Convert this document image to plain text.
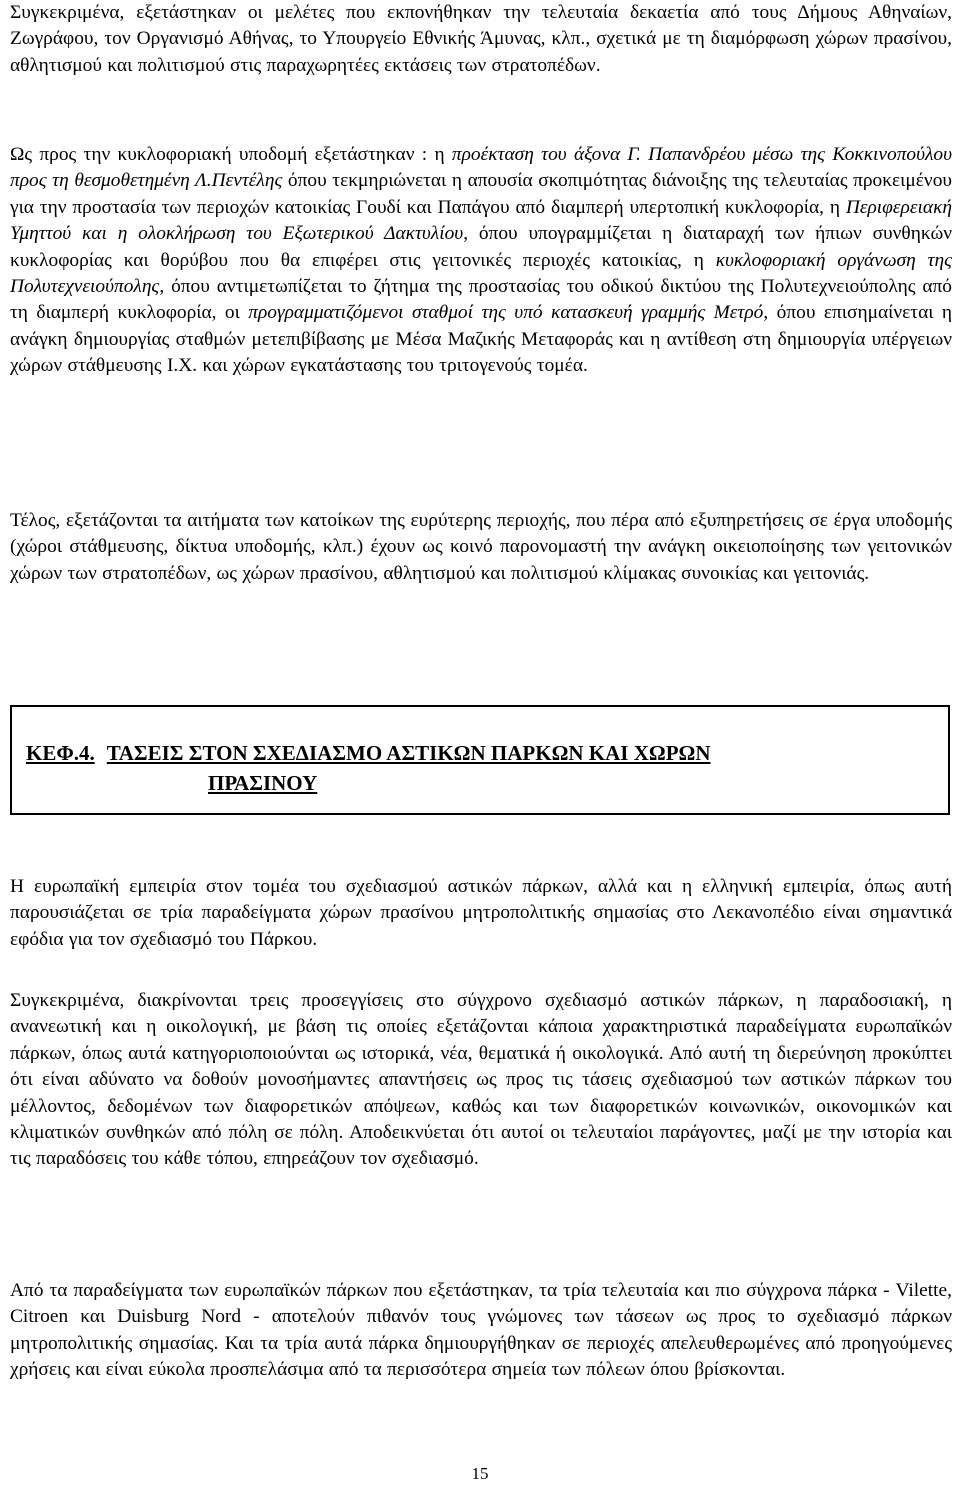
Συγκεκριμένα, εξετάστηκαν οι μελέτες που εκπονήθηκαν την τελευταία δεκαετία από τους Δήμους Αθηναίων, Ζωγράφου, τον Οργανισμό Αθήνας, το Υπουργείο Εθνικής Άμυνας, κλπ., σχετικά με τη διαμόρφωση χώρων πρασίνου, αθλητισμού και πολιτισμού στις παραχωρητέες εκτάσεις των στρατοπέδων.

Ως προς την κυκλοφοριακή υποδομή εξετάστηκαν : η προέκταση του άξονα Γ. Παπανδρέου μέσω της Κοκκινοπούλου προς τη θεσμοθετημένη Λ.Πεντέλης όπου τεκμηριώνεται η απουσία σκοπιμότητας διάνοιξης της τελευταίας προκειμένου για την προστασία των περιοχών κατοικίας Γουδί και Παπάγου από διαμπερή υπερτοπική κυκλοφορία, η Περιφερειακή Υμηττού και η ολοκλήρωση του Εξωτερικού Δακτυλίου, όπου υπογραμμίζεται η διαταραχή των ήπιων συνθηκών κυκλοφορίας και θορύβου που θα επιφέρει στις γειτονικές περιοχές κατοικίας, η κυκλοφοριακή οργάνωση της Πολυτεχνειούπολης, όπου αντιμετωπίζεται το ζήτημα της προστασίας του οδικού δικτύου της Πολυτεχνειούπολης από τη διαμπερή κυκλοφορία, οι προγραμματιζόμενοι σταθμοί της υπό κατασκευή γραμμής Μετρό, όπου επισημαίνεται η ανάγκη δημιουργίας σταθμών μετεπιβίβασης με Μέσα Μαζικής Μεταφοράς και η αντίθεση στη δημιουργία υπέργειων χώρων στάθμευσης Ι.Χ. και χώρων εγκατάστασης του τριτογενούς τομέα.

Τέλος, εξετάζονται τα αιτήματα των κατοίκων της ευρύτερης περιοχής, που πέρα από εξυπηρετήσεις σε έργα υποδομής (χώροι στάθμευσης, δίκτυα υποδομής, κλπ.) έχουν ως κοινό παρονομαστή την ανάγκη οικειοποίησης των γειτονικών χώρων των στρατοπέδων, ως χώρων πρασίνου, αθλητισμού και πολιτισμού κλίμακας συνοικίας και γειτονιάς.

ΚΕΦ.4. ΤΑΣΕΙΣ ΣΤΟΝ ΣΧΕΔΙΑΣΜΟ ΑΣΤΙΚΩΝ ΠΑΡΚΩΝ ΚΑΙ ΧΩΡΩΝ
ΠΡΑΣΙΝΟΥ

Η ευρωπαϊκή εμπειρία στον τομέα του σχεδιασμού αστικών πάρκων, αλλά και η ελληνική εμπειρία, όπως αυτή παρουσιάζεται σε τρία παραδείγματα χώρων πρασίνου μητροπολιτικής σημασίας στο Λεκανοπέδιο είναι σημαντικά εφόδια για τον σχεδιασμό του Πάρκου.

Συγκεκριμένα, διακρίνονται τρεις προσεγγίσεις στο σύγχρονο σχεδιασμό αστικών πάρκων, η παραδοσιακή, η ανανεωτική και η οικολογική, με βάση τις οποίες εξετάζονται κάποια χαρακτηριστικά παραδείγματα ευρωπαϊκών πάρκων, όπως αυτά κατηγοριοποιούνται ως ιστορικά, νέα, θεματικά ή οικολογικά. Από αυτή τη διερεύνηση προκύπτει ότι είναι αδύνατο να δοθούν μονοσήμαντες απαντήσεις ως προς τις τάσεις σχεδιασμού των αστικών πάρκων του μέλλοντος, δεδομένων των διαφορετικών απόψεων, καθώς και των διαφορετικών κοινωνικών, οικονομικών και κλιματικών συνθηκών από πόλη σε πόλη. Αποδεικνύεται ότι αυτοί οι τελευταίοι παράγοντες, μαζί με την ιστορία και τις παραδόσεις του κάθε τόπου, επηρεάζουν τον σχεδιασμό.

Από τα παραδείγματα των ευρωπαϊκών πάρκων που εξετάστηκαν, τα τρία τελευταία και πιο σύγχρονα πάρκα - Vilette, Citroen και Duisburg Nord - αποτελούν πιθανόν τους γνώμονες των τάσεων ως προς το σχεδιασμό πάρκων μητροπολιτικής σημασίας. Και τα τρία αυτά πάρκα δημιουργήθηκαν σε περιοχές απελευθερωμένες από προηγούμενες χρήσεις και είναι εύκολα προσπελάσιμα από τα περισσότερα σημεία των πόλεων όπου βρίσκονται.

15
